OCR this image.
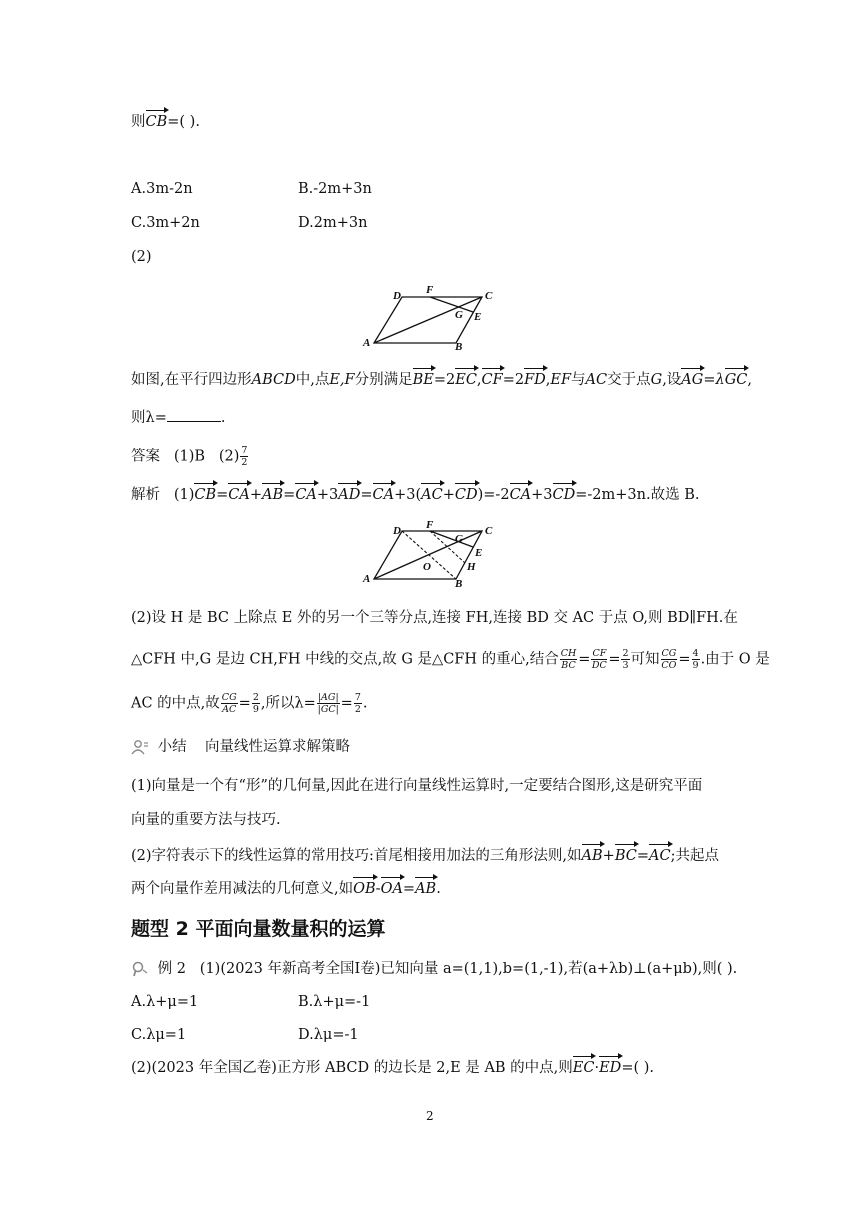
则CB=( ).
A.3m-2n	B.-2m+3n
C.3m+2n	D.2m+3n
(2)
A	B
C
D
E
F
G
如图,在平行四边形ABCD中,点E,F分别满足BE=2EC,CF=2FD,EF与AC交于点G,设AG=λGC,
则λ=	.
答案 (1)B $(2) \frac{7}{2}$
解析   (1)CB=CA+AB=CA+3AD=CA+3(AC+CD)=-2CA+3CD=-2m+3n.故选 B.
A	B
C
D
E
F
G
O	H
(2)设 H 是 BC 上除点 E 外的另一个三等分点,连接 FH,连接 BD 交 AC 于点 O,则 BD∥FH.在
△CFH 中,G 是边 CH,FH 中线的交点,故 G 是△CFH 的重心,结合 $\frac{CH}{BC} = \frac{CF}{DC} = \frac{2}{3}$ 可知 $\frac{CG}{CO} = \frac{4}{9}$ .由于 O 是
AC 的中点,故 $\frac{CG}{AC} = \frac{2}{9}$ ,所以$\lambda= \frac{|AG|}{|GC|} = \frac{7}{2}$ .
小结 向量线性运算求解策略
(1)向量是一个有“形”的几何量,因此在进行向量线性运算时,一定要结合图形,这是研究平面
向量的重要方法与技巧.
(2)字符表示下的线性运算的常用技巧:首尾相接用加法的三角形法则,如AB+BC=AC;共起点
两个向量作差用减法的几何意义,如OB-OA=AB.
题型 2 平面向量数量积的运算
例 2 (1)(2023 年新高考全国Ⅰ卷)已知向量 a=(1,1),b=(1,-1),若(a+λb)⊥(a+μb),则( ).
A.λ+μ=1	B.λ+μ=-1
C.λμ=1	D.λμ=-1
(2)(2023 年全国乙卷)正方形 ABCD 的边长是 2,E 是 AB 的中点,则EC·ED=( ).
2
